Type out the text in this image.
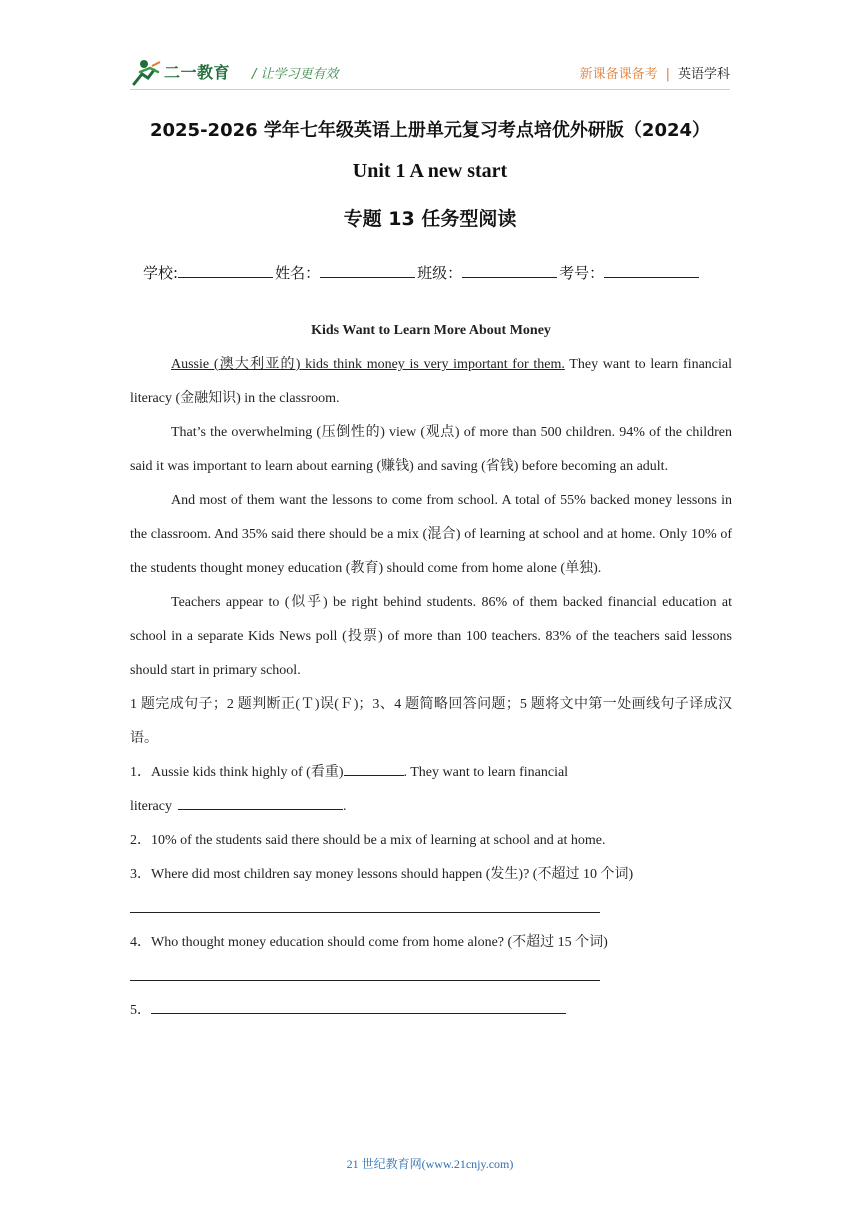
二一教育 / 让学习更有效	新课备课备考 | 英语学科
2025-2026 学年七年级英语上册单元复习考点培优外研版（2024）
Unit 1 A new start
专题 13 任务型阅读
学校:	姓名：	班级：	考号：

Kids Want to Learn More About Money

Aussie (澳大利亚的) kids think money is very important for them. They want to learn financial literacy (金融知识) in the classroom.

That’s the overwhelming (压倒性的) view (观点) of more than 500 children. 94% of the children said it was important to learn about earning (赚钱) and saving (省钱) before becoming an adult.

And most of them want the lessons to come from school. A total of 55% backed money lessons in the classroom. And 35% said there should be a mix (混合) of learning at school and at home. Only 10% of the students thought money education (教育) should come from home alone (单独).

Teachers appear to (似乎) be right behind students. 86% of them backed financial education at school in a separate Kids News poll (投票) of more than 100 teachers. 83% of the teachers said lessons should start in primary school.

1 题完成句子；2 题判断正(Ｔ)误(Ｆ)；3、4 题简略回答问题；5 题将文中第一处画线句子译成汉语。

1．Aussie kids think highly of (看重)	. They want to learn financial

literacy	.

2．10% of the students said there should be a mix of learning at school and at home.

3．Where did most children say money lessons should happen (发生)? (不超过 10 个词)

4．Who thought money education should come from home alone? (不超过 15 个词)

5．

21 世纪教育网(www.21cnjy.com)
